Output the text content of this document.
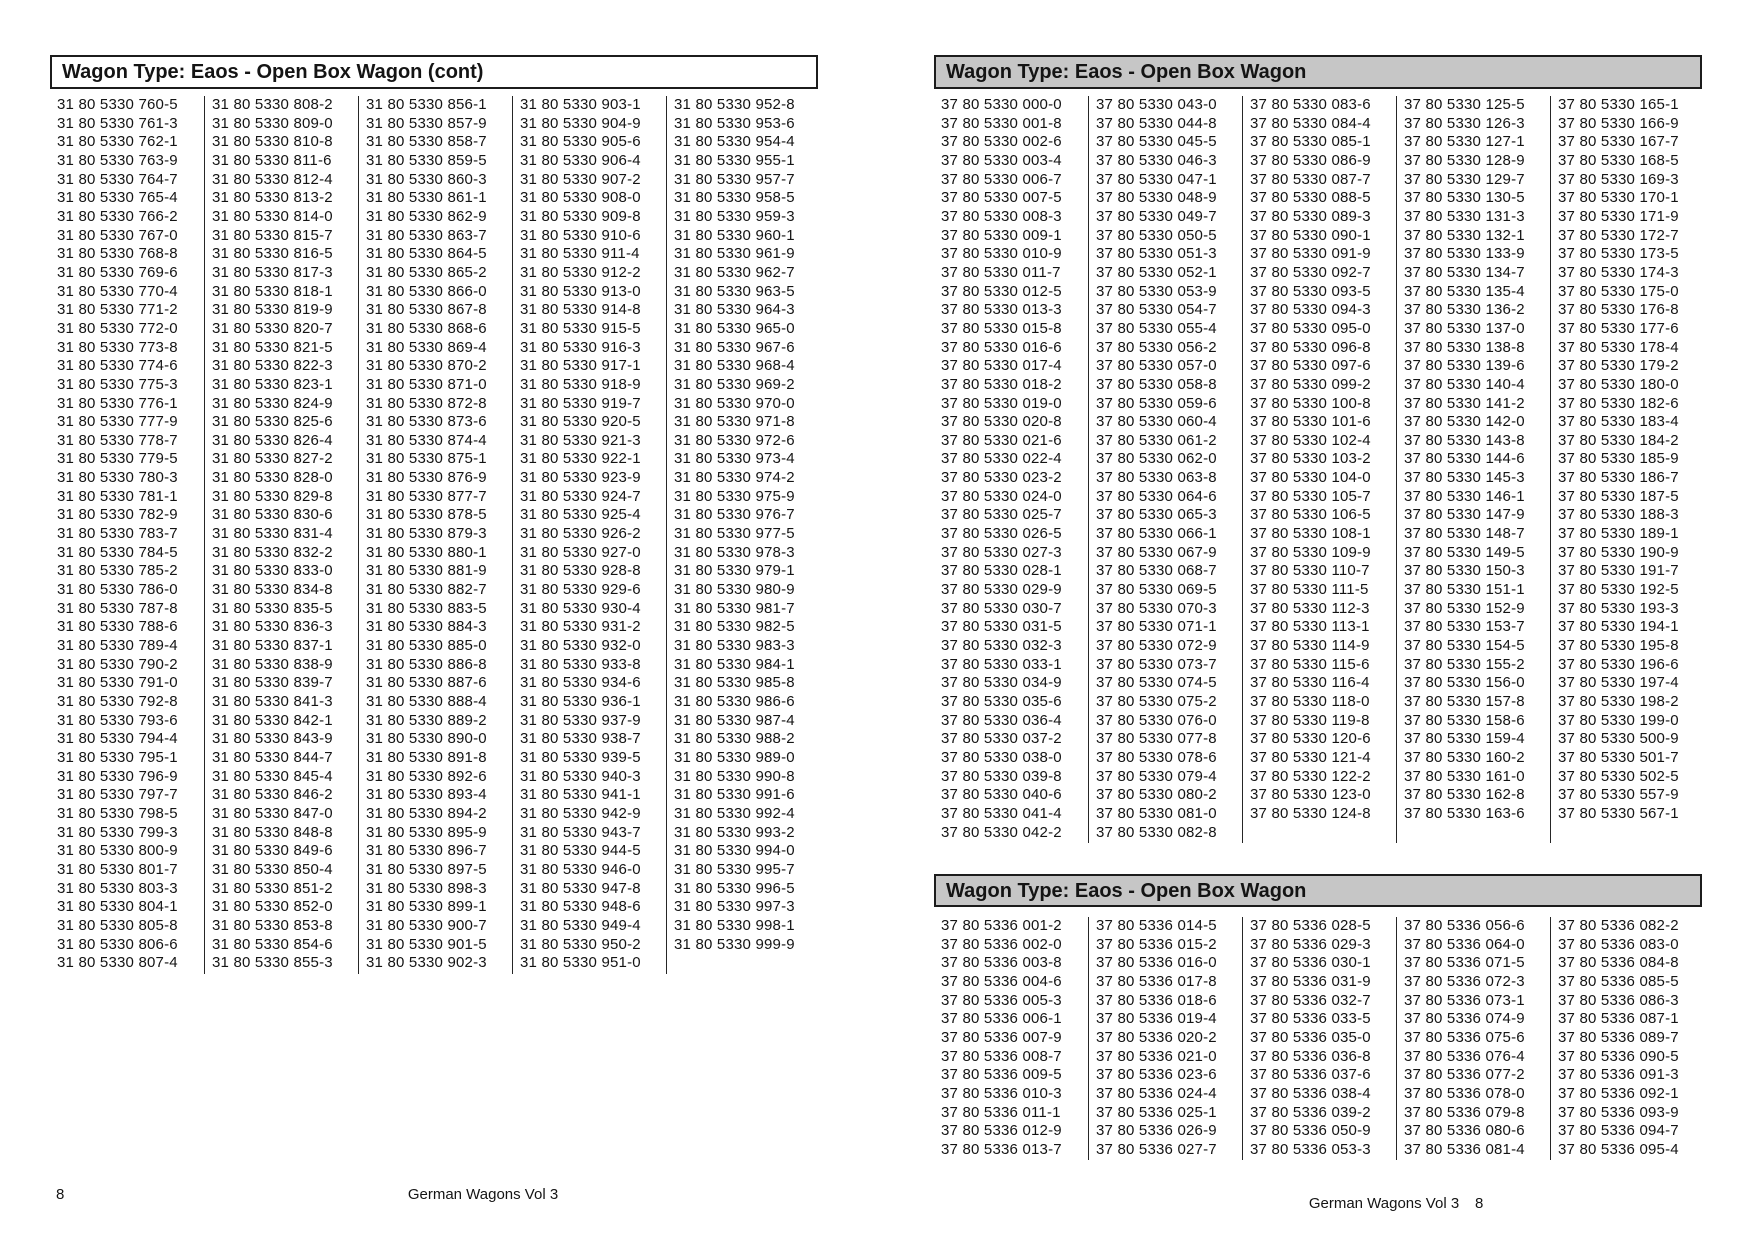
Wagon Type: Eaos - Open Box Wagon (cont)
31 80 5330 760-5
31 80 5330 761-3
31 80 5330 762-1
31 80 5330 763-9
31 80 5330 764-7
31 80 5330 765-4
31 80 5330 766-2
31 80 5330 767-0
31 80 5330 768-8
31 80 5330 769-6
31 80 5330 770-4
31 80 5330 771-2
31 80 5330 772-0
31 80 5330 773-8
31 80 5330 774-6
31 80 5330 775-3
31 80 5330 776-1
31 80 5330 777-9
31 80 5330 778-7
31 80 5330 779-5
31 80 5330 780-3
31 80 5330 781-1
31 80 5330 782-9
31 80 5330 783-7
31 80 5330 784-5
31 80 5330 785-2
31 80 5330 786-0
31 80 5330 787-8
31 80 5330 788-6
31 80 5330 789-4
31 80 5330 790-2
31 80 5330 791-0
31 80 5330 792-8
31 80 5330 793-6
31 80 5330 794-4
31 80 5330 795-1
31 80 5330 796-9
31 80 5330 797-7
31 80 5330 798-5
31 80 5330 799-3
31 80 5330 800-9
31 80 5330 801-7
31 80 5330 803-3
31 80 5330 804-1
31 80 5330 805-8
31 80 5330 806-6
31 80 5330 807-4
31 80 5330 808-2
31 80 5330 809-0
31 80 5330 810-8
31 80 5330 811-6
31 80 5330 812-4
31 80 5330 813-2
31 80 5330 814-0
31 80 5330 815-7
31 80 5330 816-5
31 80 5330 817-3
31 80 5330 818-1
31 80 5330 819-9
31 80 5330 820-7
31 80 5330 821-5
31 80 5330 822-3
31 80 5330 823-1
31 80 5330 824-9
31 80 5330 825-6
31 80 5330 826-4
31 80 5330 827-2
31 80 5330 828-0
31 80 5330 829-8
31 80 5330 830-6
31 80 5330 831-4
31 80 5330 832-2
31 80 5330 833-0
31 80 5330 834-8
31 80 5330 835-5
31 80 5330 836-3
31 80 5330 837-1
31 80 5330 838-9
31 80 5330 839-7
31 80 5330 841-3
31 80 5330 842-1
31 80 5330 843-9
31 80 5330 844-7
31 80 5330 845-4
31 80 5330 846-2
31 80 5330 847-0
31 80 5330 848-8
31 80 5330 849-6
31 80 5330 850-4
31 80 5330 851-2
31 80 5330 852-0
31 80 5330 853-8
31 80 5330 854-6
31 80 5330 855-3
31 80 5330 856-1
31 80 5330 857-9
31 80 5330 858-7
31 80 5330 859-5
31 80 5330 860-3
31 80 5330 861-1
31 80 5330 862-9
31 80 5330 863-7
31 80 5330 864-5
31 80 5330 865-2
31 80 5330 866-0
31 80 5330 867-8
31 80 5330 868-6
31 80 5330 869-4
31 80 5330 870-2
31 80 5330 871-0
31 80 5330 872-8
31 80 5330 873-6
31 80 5330 874-4
31 80 5330 875-1
31 80 5330 876-9
31 80 5330 877-7
31 80 5330 878-5
31 80 5330 879-3
31 80 5330 880-1
31 80 5330 881-9
31 80 5330 882-7
31 80 5330 883-5
31 80 5330 884-3
31 80 5330 885-0
31 80 5330 886-8
31 80 5330 887-6
31 80 5330 888-4
31 80 5330 889-2
31 80 5330 890-0
31 80 5330 891-8
31 80 5330 892-6
31 80 5330 893-4
31 80 5330 894-2
31 80 5330 895-9
31 80 5330 896-7
31 80 5330 897-5
31 80 5330 898-3
31 80 5330 899-1
31 80 5330 900-7
31 80 5330 901-5
31 80 5330 902-3
31 80 5330 903-1
31 80 5330 904-9
31 80 5330 905-6
31 80 5330 906-4
31 80 5330 907-2
31 80 5330 908-0
31 80 5330 909-8
31 80 5330 910-6
31 80 5330 911-4
31 80 5330 912-2
31 80 5330 913-0
31 80 5330 914-8
31 80 5330 915-5
31 80 5330 916-3
31 80 5330 917-1
31 80 5330 918-9
31 80 5330 919-7
31 80 5330 920-5
31 80 5330 921-3
31 80 5330 922-1
31 80 5330 923-9
31 80 5330 924-7
31 80 5330 925-4
31 80 5330 926-2
31 80 5330 927-0
31 80 5330 928-8
31 80 5330 929-6
31 80 5330 930-4
31 80 5330 931-2
31 80 5330 932-0
31 80 5330 933-8
31 80 5330 934-6
31 80 5330 936-1
31 80 5330 937-9
31 80 5330 938-7
31 80 5330 939-5
31 80 5330 940-3
31 80 5330 941-1
31 80 5330 942-9
31 80 5330 943-7
31 80 5330 944-5
31 80 5330 946-0
31 80 5330 947-8
31 80 5330 948-6
31 80 5330 949-4
31 80 5330 950-2
31 80 5330 951-0
31 80 5330 952-8
31 80 5330 953-6
31 80 5330 954-4
31 80 5330 955-1
31 80 5330 957-7
31 80 5330 958-5
31 80 5330 959-3
31 80 5330 960-1
31 80 5330 961-9
31 80 5330 962-7
31 80 5330 963-5
31 80 5330 964-3
31 80 5330 965-0
31 80 5330 967-6
31 80 5330 968-4
31 80 5330 969-2
31 80 5330 970-0
31 80 5330 971-8
31 80 5330 972-6
31 80 5330 973-4
31 80 5330 974-2
31 80 5330 975-9
31 80 5330 976-7
31 80 5330 977-5
31 80 5330 978-3
31 80 5330 979-1
31 80 5330 980-9
31 80 5330 981-7
31 80 5330 982-5
31 80 5330 983-3
31 80 5330 984-1
31 80 5330 985-8
31 80 5330 986-6
31 80 5330 987-4
31 80 5330 988-2
31 80 5330 989-0
31 80 5330 990-8
31 80 5330 991-6
31 80 5330 992-4
31 80 5330 993-2
31 80 5330 994-0
31 80 5330 995-7
31 80 5330 996-5
31 80 5330 997-3
31 80 5330 998-1
31 80 5330 999-9
8	German Wagons Vol 3
Wagon Type: Eaos - Open Box Wagon
37 80 5330 000-0
37 80 5330 001-8
37 80 5330 002-6
37 80 5330 003-4
37 80 5330 006-7
37 80 5330 007-5
37 80 5330 008-3
37 80 5330 009-1
37 80 5330 010-9
37 80 5330 011-7
37 80 5330 012-5
37 80 5330 013-3
37 80 5330 015-8
37 80 5330 016-6
37 80 5330 017-4
37 80 5330 018-2
37 80 5330 019-0
37 80 5330 020-8
37 80 5330 021-6
37 80 5330 022-4
37 80 5330 023-2
37 80 5330 024-0
37 80 5330 025-7
37 80 5330 026-5
37 80 5330 027-3
37 80 5330 028-1
37 80 5330 029-9
37 80 5330 030-7
37 80 5330 031-5
37 80 5330 032-3
37 80 5330 033-1
37 80 5330 034-9
37 80 5330 035-6
37 80 5330 036-4
37 80 5330 037-2
37 80 5330 038-0
37 80 5330 039-8
37 80 5330 040-6
37 80 5330 041-4
37 80 5330 042-2
37 80 5330 043-0
37 80 5330 044-8
37 80 5330 045-5
37 80 5330 046-3
37 80 5330 047-1
37 80 5330 048-9
37 80 5330 049-7
37 80 5330 050-5
37 80 5330 051-3
37 80 5330 052-1
37 80 5330 053-9
37 80 5330 054-7
37 80 5330 055-4
37 80 5330 056-2
37 80 5330 057-0
37 80 5330 058-8
37 80 5330 059-6
37 80 5330 060-4
37 80 5330 061-2
37 80 5330 062-0
37 80 5330 063-8
37 80 5330 064-6
37 80 5330 065-3
37 80 5330 066-1
37 80 5330 067-9
37 80 5330 068-7
37 80 5330 069-5
37 80 5330 070-3
37 80 5330 071-1
37 80 5330 072-9
37 80 5330 073-7
37 80 5330 074-5
37 80 5330 075-2
37 80 5330 076-0
37 80 5330 077-8
37 80 5330 078-6
37 80 5330 079-4
37 80 5330 080-2
37 80 5330 081-0
37 80 5330 082-8
37 80 5330 083-6
37 80 5330 084-4
37 80 5330 085-1
37 80 5330 086-9
37 80 5330 087-7
37 80 5330 088-5
37 80 5330 089-3
37 80 5330 090-1
37 80 5330 091-9
37 80 5330 092-7
37 80 5330 093-5
37 80 5330 094-3
37 80 5330 095-0
37 80 5330 096-8
37 80 5330 097-6
37 80 5330 099-2
37 80 5330 100-8
37 80 5330 101-6
37 80 5330 102-4
37 80 5330 103-2
37 80 5330 104-0
37 80 5330 105-7
37 80 5330 106-5
37 80 5330 108-1
37 80 5330 109-9
37 80 5330 110-7
37 80 5330 111-5
37 80 5330 112-3
37 80 5330 113-1
37 80 5330 114-9
37 80 5330 115-6
37 80 5330 116-4
37 80 5330 118-0
37 80 5330 119-8
37 80 5330 120-6
37 80 5330 121-4
37 80 5330 122-2
37 80 5330 123-0
37 80 5330 124-8
37 80 5330 125-5
37 80 5330 126-3
37 80 5330 127-1
37 80 5330 128-9
37 80 5330 129-7
37 80 5330 130-5
37 80 5330 131-3
37 80 5330 132-1
37 80 5330 133-9
37 80 5330 134-7
37 80 5330 135-4
37 80 5330 136-2
37 80 5330 137-0
37 80 5330 138-8
37 80 5330 139-6
37 80 5330 140-4
37 80 5330 141-2
37 80 5330 142-0
37 80 5330 143-8
37 80 5330 144-6
37 80 5330 145-3
37 80 5330 146-1
37 80 5330 147-9
37 80 5330 148-7
37 80 5330 149-5
37 80 5330 150-3
37 80 5330 151-1
37 80 5330 152-9
37 80 5330 153-7
37 80 5330 154-5
37 80 5330 155-2
37 80 5330 156-0
37 80 5330 157-8
37 80 5330 158-6
37 80 5330 159-4
37 80 5330 160-2
37 80 5330 161-0
37 80 5330 162-8
37 80 5330 163-6
37 80 5330 165-1
37 80 5330 166-9
37 80 5330 167-7
37 80 5330 168-5
37 80 5330 169-3
37 80 5330 170-1
37 80 5330 171-9
37 80 5330 172-7
37 80 5330 173-5
37 80 5330 174-3
37 80 5330 175-0
37 80 5330 176-8
37 80 5330 177-6
37 80 5330 178-4
37 80 5330 179-2
37 80 5330 180-0
37 80 5330 182-6
37 80 5330 183-4
37 80 5330 184-2
37 80 5330 185-9
37 80 5330 186-7
37 80 5330 187-5
37 80 5330 188-3
37 80 5330 189-1
37 80 5330 190-9
37 80 5330 191-7
37 80 5330 192-5
37 80 5330 193-3
37 80 5330 194-1
37 80 5330 195-8
37 80 5330 196-6
37 80 5330 197-4
37 80 5330 198-2
37 80 5330 199-0
37 80 5330 500-9
37 80 5330 501-7
37 80 5330 502-5
37 80 5330 557-9
37 80 5330 567-1
Wagon Type: Eaos - Open Box Wagon
37 80 5336 001-2
37 80 5336 002-0
37 80 5336 003-8
37 80 5336 004-6
37 80 5336 005-3
37 80 5336 006-1
37 80 5336 007-9
37 80 5336 008-7
37 80 5336 009-5
37 80 5336 010-3
37 80 5336 011-1
37 80 5336 012-9
37 80 5336 013-7
37 80 5336 014-5
37 80 5336 015-2
37 80 5336 016-0
37 80 5336 017-8
37 80 5336 018-6
37 80 5336 019-4
37 80 5336 020-2
37 80 5336 021-0
37 80 5336 023-6
37 80 5336 024-4
37 80 5336 025-1
37 80 5336 026-9
37 80 5336 027-7
37 80 5336 028-5
37 80 5336 029-3
37 80 5336 030-1
37 80 5336 031-9
37 80 5336 032-7
37 80 5336 033-5
37 80 5336 035-0
37 80 5336 036-8
37 80 5336 037-6
37 80 5336 038-4
37 80 5336 039-2
37 80 5336 050-9
37 80 5336 053-3
37 80 5336 056-6
37 80 5336 064-0
37 80 5336 071-5
37 80 5336 072-3
37 80 5336 073-1
37 80 5336 074-9
37 80 5336 075-6
37 80 5336 076-4
37 80 5336 077-2
37 80 5336 078-0
37 80 5336 079-8
37 80 5336 080-6
37 80 5336 081-4
37 80 5336 082-2
37 80 5336 083-0
37 80 5336 084-8
37 80 5336 085-5
37 80 5336 086-3
37 80 5336 087-1
37 80 5336 089-7
37 80 5336 090-5
37 80 5336 091-3
37 80 5336 092-1
37 80 5336 093-9
37 80 5336 094-7
37 80 5336 095-4
German Wagons Vol 3	8
